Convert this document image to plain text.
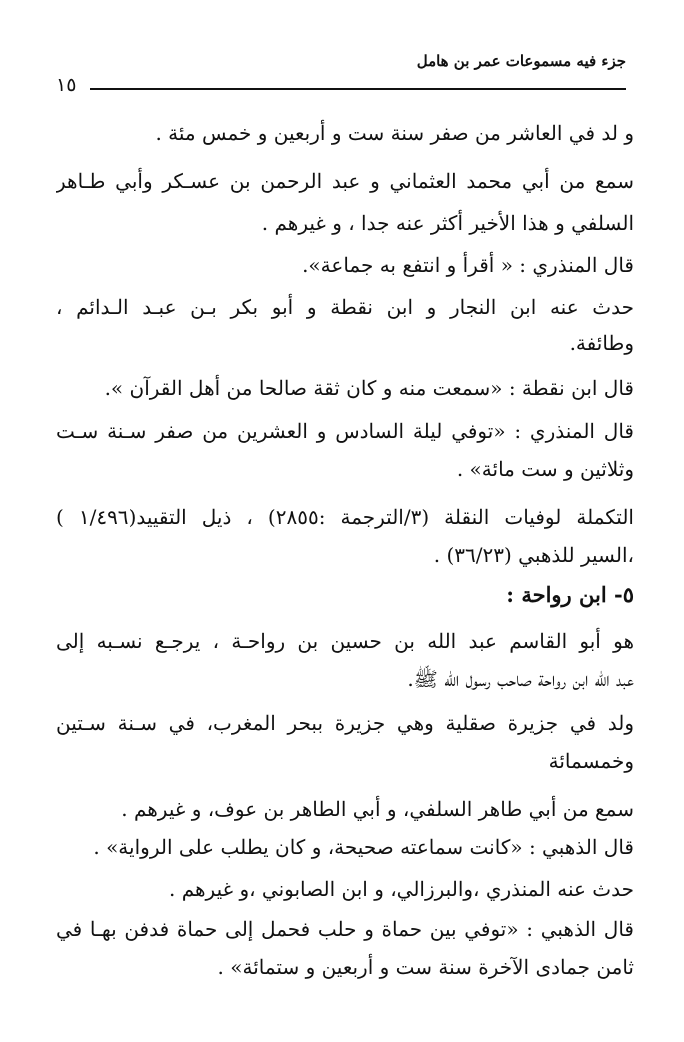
جزء فيه مسموعات عمر بن هامل
١٥
و لد في العاشر من صفر سنة ست و أربعين و خمس مئة .
سمع من أبي محمد العثماني و عبد الرحمن بن عسـكر وأبي طـاهر
السلفي و هذا الأخير أكثر عنه جدا ، و غيرهم .
قال المنذري : « أقرأ و انتفع به جماعة».
حدث عنه ابن النجار و ابن نقطة و أبو بكر بـن عبـد الـدائم ،
وطائفة.
قال ابن نقطة : «سمعت منه و كان ثقة صالحا من أهل القرآن ».
قال المنذري : «توفي ليلة السادس و العشرين من صفر سـنة سـت
وثلاثين و ست مائة» .
التكملة لوفيات النقلة (٣/الترجمة :٢٨٥٥) ، ذيل التقييد(١/٤٩٦ )
،السير للذهبي (٣٦/٢٣) .
٥- ابن رواحة :
هو أبو القاسم عبد الله بن حسين بن رواحـة ، يرجـع نسـبه إلى
عبد الله ابن رواحة صاحب رسول الله ﷺ.
ولد في جزيرة صقلية وهي جزيرة ببحر المغرب، في سـنة سـتين
وخمسمائة
سمع من أبي طاهر السلفي، و أبي الطاهر بن عوف، و غيرهم .
قال الذهبي : «كانت سماعته صحيحة، و كان يطلب على الرواية» .
حدث عنه المنذري ،والبرزالي، و ابن الصابوني ،و غيرهم .
قال الذهبي : «توفي بين حماة و حلب فحمل إلى حماة فدفن بهـا في
ثامن جمادى الآخرة سنة ست و أربعين و ستمائة» .
